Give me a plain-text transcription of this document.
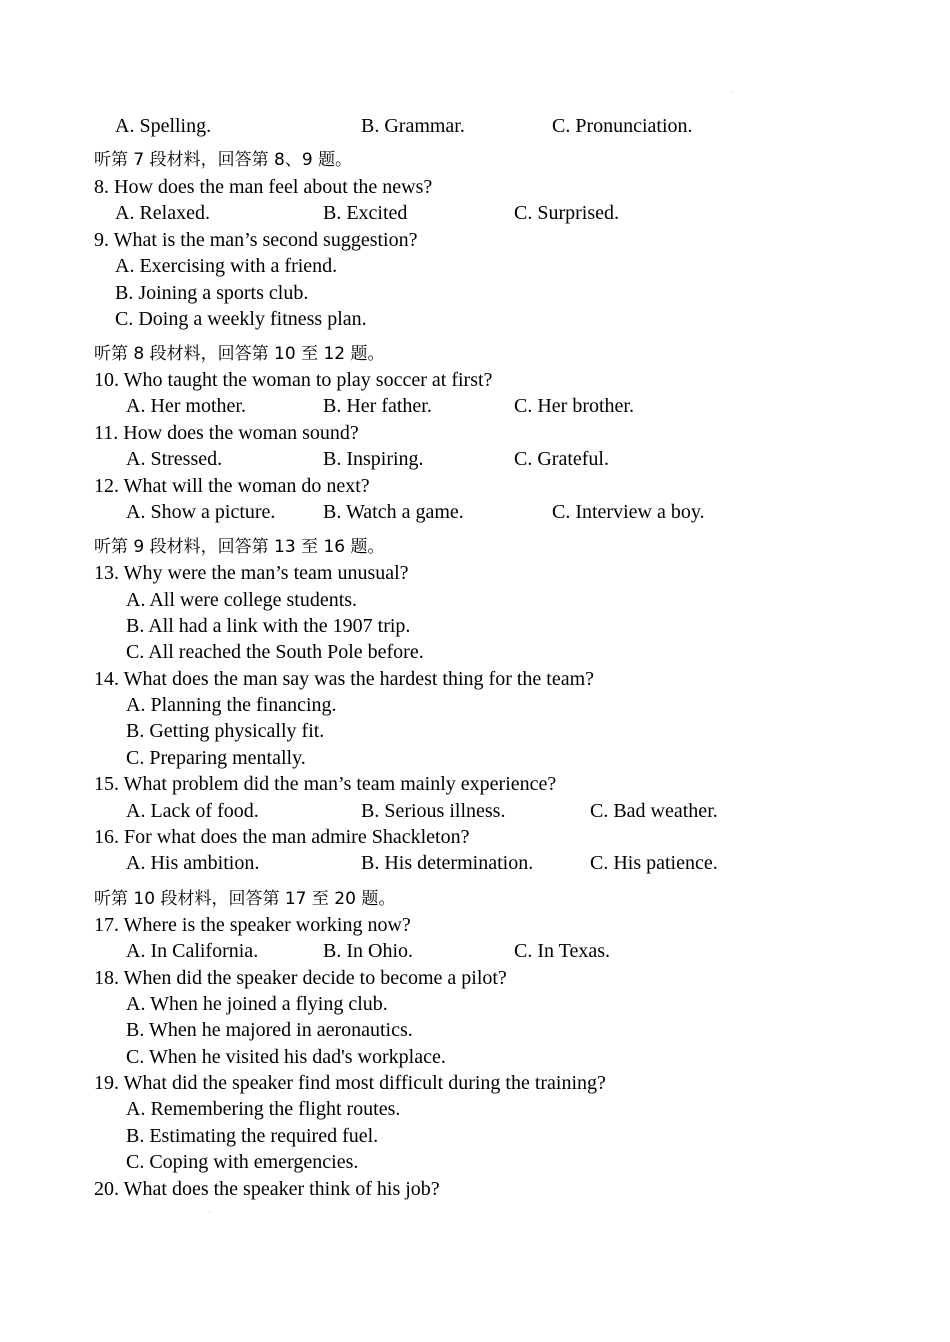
A. Spelling.	B. Grammar.	C. Pronunciation.
听第 7 段材料，回答第 8、9 题。
8. How does the man feel about the news?
A. Relaxed.	B. Excited	C. Surprised.
9. What is the man’s second suggestion?
A. Exercising with a friend.
B. Joining a sports club.
C. Doing a weekly fitness plan.
听第 8 段材料，回答第 10 至 12 题。
10. Who taught the woman to play soccer at first?
A. Her mother.	B. Her father.	C. Her brother.
11. How does the woman sound?
A. Stressed.	B. Inspiring.	C. Grateful.
12. What will the woman do next?
A. Show a picture. B. Watch a game.	C. Interview a boy.
听第 9 段材料，回答第 13 至 16 题。
13. Why were the man’s team unusual?
A. All were college students.
B. All had a link with the 1907 trip.
C. All reached the South Pole before.
14. What does the man say was the hardest thing for the team?
A. Planning the financing.
B. Getting physically fit.
C. Preparing mentally.
15. What problem did the man’s team mainly experience?
A. Lack of food.	B. Serious illness.	C. Bad weather.
16. For what does the man admire Shackleton?
A. His ambition.	B. His determination.	C. His patience.
听第 10 段材料，回答第 17 至 20 题。
17. Where is the speaker working now?
A. In California.	B. In Ohio.	C. In Texas.
18. When did the speaker decide to become a pilot?
A. When he joined a flying club.
B. When he majored in aeronautics.
C. When he visited his dad's workplace.
19. What did the speaker find most difficult during the training?
A. Remembering the flight routes.
B. Estimating the required fuel.
C. Coping with emergencies.
20. What does the speaker think of his job?
